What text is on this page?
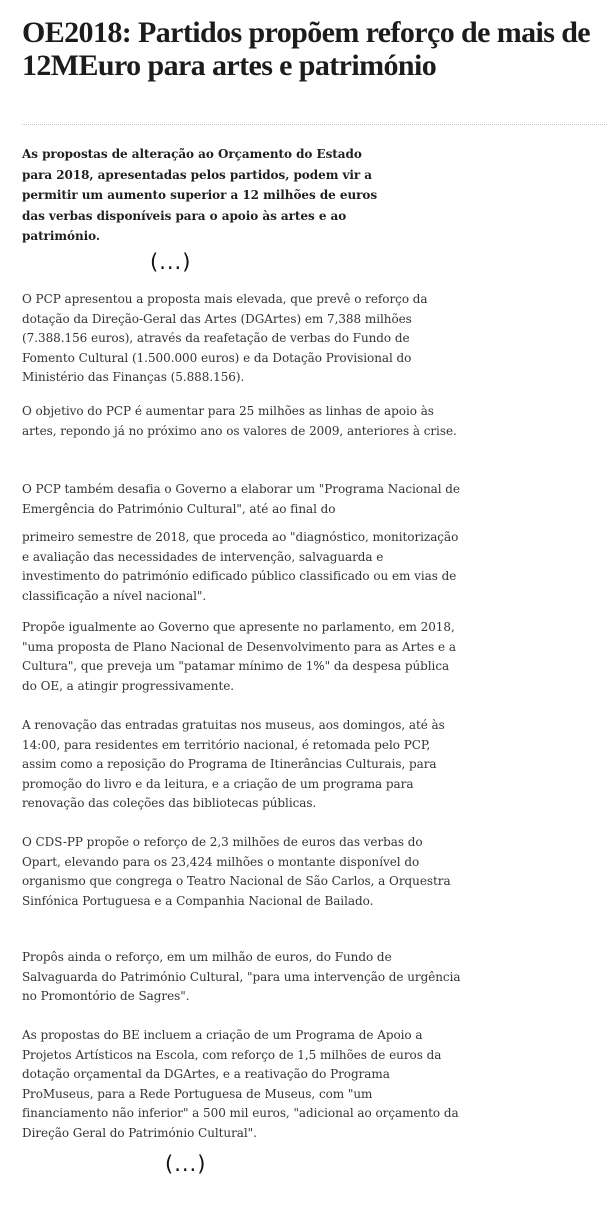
OE2018: Partidos propõem reforço de mais de 12MEuro para artes e património

As propostas de alteração ao Orçamento do Estado para 2018, apresentadas pelos partidos, podem vir a permitir um aumento superior a 12 milhões de euros das verbas disponíveis para o apoio às artes e ao património.

(...)

O PCP apresentou a proposta mais elevada, que prevê o reforço da dotação da Direção-Geral das Artes (DGArtes) em 7,388 milhões (7.388.156 euros), através da reafetação de verbas do Fundo de Fomento Cultural (1.500.000 euros) e da Dotação Provisional do Ministério das Finanças (5.888.156).

O objetivo do PCP é aumentar para 25 milhões as linhas de apoio às artes, repondo já no próximo ano os valores de 2009, anteriores à crise.

O PCP também desafia o Governo a elaborar um "Programa Nacional de Emergência do Património Cultural", até ao final do

primeiro semestre de 2018, que proceda ao "diagnóstico, monitorização e avaliação das necessidades de intervenção, salvaguarda e investimento do património edificado público classificado ou em vias de classificação a nível nacional".

Propõe igualmente ao Governo que apresente no parlamento, em 2018, "uma proposta de Plano Nacional de Desenvolvimento para as Artes e a Cultura", que preveja um "patamar mínimo de 1%" da despesa pública do OE, a atingir progressivamente.

A renovação das entradas gratuitas nos museus, aos domingos, até às 14:00, para residentes em território nacional, é retomada pelo PCP, assim como a reposição do Programa de Itinerâncias Culturais, para promoção do livro e da leitura, e a criação de um programa para renovação das coleções das bibliotecas públicas.

O CDS-PP propõe o reforço de 2,3 milhões de euros das verbas do Opart, elevando para os 23,424 milhões o montante disponível do organismo que congrega o Teatro Nacional de São Carlos, a Orquestra Sinfónica Portuguesa e a Companhia Nacional de Bailado.

Propôs ainda o reforço, em um milhão de euros, do Fundo de Salvaguarda do Património Cultural, "para uma intervenção de urgência no Promontório de Sagres".

As propostas do BE incluem a criação de um Programa de Apoio a Projetos Artísticos na Escola, com reforço de 1,5 milhões de euros da dotação orçamental da DGArtes, e a reativação do Programa ProMuseus, para a Rede Portuguesa de Museus, com "um financiamento não inferior" a 500 mil euros, "adicional ao orçamento da Direção Geral do Património Cultural".

(...)
